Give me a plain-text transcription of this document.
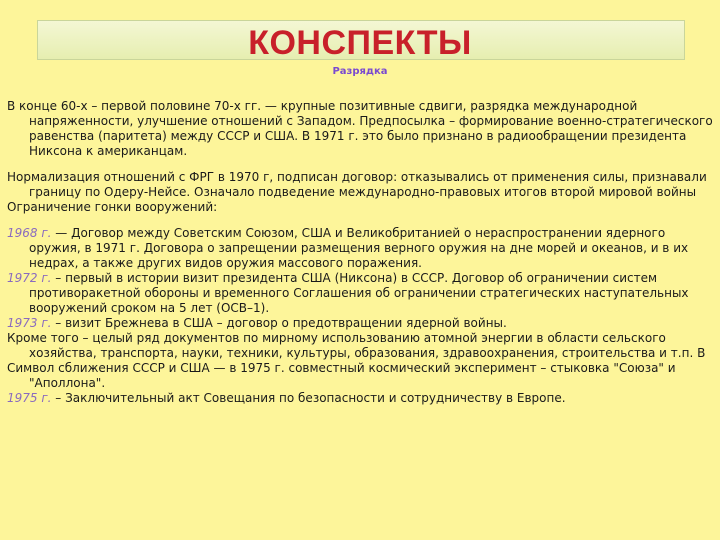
КОНСПЕКТЫ
Разрядка

В конце 60-х – первой половине 70-х гг. — крупные позитивные сдвиги, разрядка международной напряженности, улучшение отношений с Западом. Предпосылка – формирование военно-стратегического равенства (паритета) между СССР и США. В 1971 г. это было признано в радиообращении президента Никсона к американцам.

Нормализация отношений с ФРГ в 1970 г, подписан договор: отказывались от применения силы, признавали границу по Одеру-Нейсе. Означало подведение международно-правовых итогов второй мировой войны

Ограничение гонки вооружений:

1968 г. — Договор между Советским Союзом, США и Великобританией о нераспространении ядерного оружия, в 1971 г. Договора о запрещении размещения верного оружия на дне морей и океанов, и в их недрах, а также других видов оружия массового поражения.

1972 г. – первый в истории визит президента США (Никсона) в СССР. Договор об ограничении систем противоракетной обороны и временного Соглашения об ограничении стратегических наступательных вооружений сроком на 5 лет (ОСВ–1).

1973 г. – визит Брежнева в США – договор о предотвращении ядерной войны.

Кроме того – целый ряд документов по мирному использованию атомной энергии в области сельского хозяйства, транспорта, науки, техники, культуры, образования, здравоохранения, строительства и т.п. В

Символ сближения СССР и США — в 1975 г. совместный космический эксперимент – стыковка "Союза" и "Аполлона".

1975 г. – Заключительный акт Совещания по безопасности и сотрудничеству в Европе.
